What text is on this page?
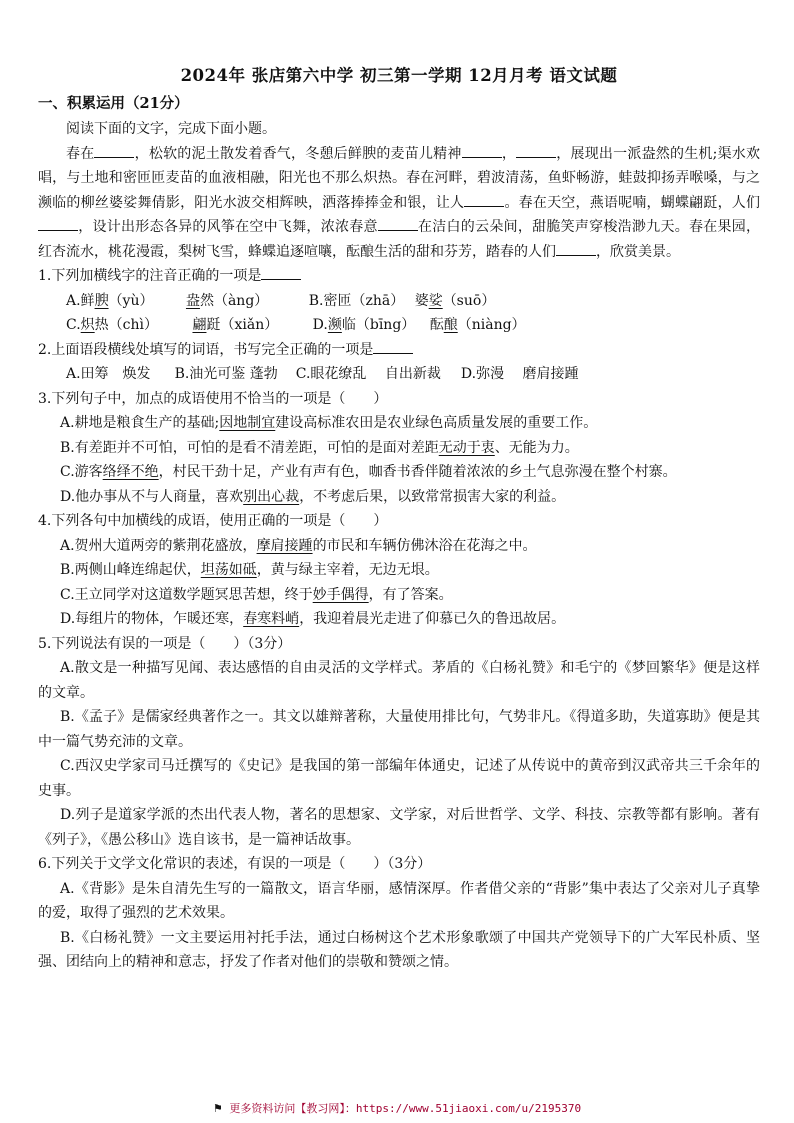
2024年 张店第六中学 初三第一学期 12月月考 语文试题
一、积累运用（21分）

阅读下面的文字，完成下面小题。

春在	，松软的泥土散发着香气，冬憩后鲜腴的麦苗儿精神	，	，展现出一派盎然的生机;渠水欢唱，与土地和密匝匝麦苗的血液相融，阳光也不那么炽热。春在河畔，碧波清荡，鱼虾畅游，蛙鼓抑扬弄喉嗓，与之濒临的柳丝婆娑舞倩影，阳光水波交相辉映，洒落捧捧金和银，让人	。春在天空，燕语呢喃，蝴蝶翩跹，人们，设计出形态各异的风筝在空中飞舞，浓浓春意	在洁白的云朵间，甜脆笑声穿梭浩渺九天。春在果园，红杏流水，桃花漫霞，梨树飞雪，蜂蝶追逐喧嚷，酝酿生活的甜和芬芳，踏春的人们	，欣赏美景。

1.下列加横线字的注音正确的一项是

A.鲜腴（yù） 盎然（àng）	B.密匝（zhā） 婆娑（suō）

C.炽热（chì） 翩跹（xiǎn） D.濒临（bīng） 酝酿（niàng）

2.上面语段横线处填写的词语，书写完全正确的一项是

A.田筹　焕发 B.油光可鉴 蓬勃 C.眼花缭乱　 自出新裁 D.弥漫　 磨肩接踵

3.下列句子中，加点的成语使用不恰当的一项是（　　）

A.耕地是粮食生产的基础;因地制宜建设高标准农田是农业绿色高质量发展的重要工作。

B.有差距并不可怕，可怕的是看不清差距，可怕的是面对差距无动于衷、无能为力。

C.游客络绎不绝，村民干劲十足，产业有声有色，咖香书香伴随着浓浓的乡土气息弥漫在整个村寨。

D.他办事从不与人商量，喜欢别出心裁，不考虑后果，以致常常损害大家的利益。

4.下列各句中加横线的成语，使用正确的一项是（　　）

A.贺州大道两旁的紫荆花盛放，摩肩接踵的市民和车辆仿佛沐浴在花海之中。

B.两侧山峰连绵起伏，坦荡如砥，黄与绿主宰着，无边无垠。

C.王立同学对这道数学题冥思苦想，终于妙手偶得，有了答案。

D.每组片的物体，乍暖还寒，春寒料峭，我迎着晨光走进了仰慕已久的鲁迅故居。

5.下列说法有误的一项是（　　）（3分）

A.散文是一种描写见闻、表达感悟的自由灵活的文学样式。茅盾的《白杨礼赞》和毛宁的《梦回繁华》便是这样的文章。

B.《孟子》是儒家经典著作之一。其文以雄辩著称，大量使用排比句，气势非凡。《得道多助，失道寡助》便是其中一篇气势充沛的文章。

C.西汉史学家司马迁撰写的《史记》是我国的第一部编年体通史，记述了从传说中的黄帝到汉武帝共三千余年的史事。

D.列子是道家学派的杰出代表人物，著名的思想家、文学家，对后世哲学、文学、科技、宗教等都有影响。著有《列子》，《愚公移山》选自该书，是一篇神话故事。

6.下列关于文学文化常识的表述，有误的一项是（　　）（3分）

A.《背影》是朱自清先生写的一篇散文，语言华丽，感情深厚。作者借父亲的“背影”集中表达了父亲对儿子真挚的爱，取得了强烈的艺术效果。

B.《白杨礼赞》一文主要运用衬托手法，通过白杨树这个艺术形象歌颂了中国共产党领导下的广大军民朴质、坚强、团结向上的精神和意志，抒发了作者对他们的崇敬和赞颂之情。

⚑ 更多资料访问【教习网】：https://www.51jiaoxi.com/u/2195370
